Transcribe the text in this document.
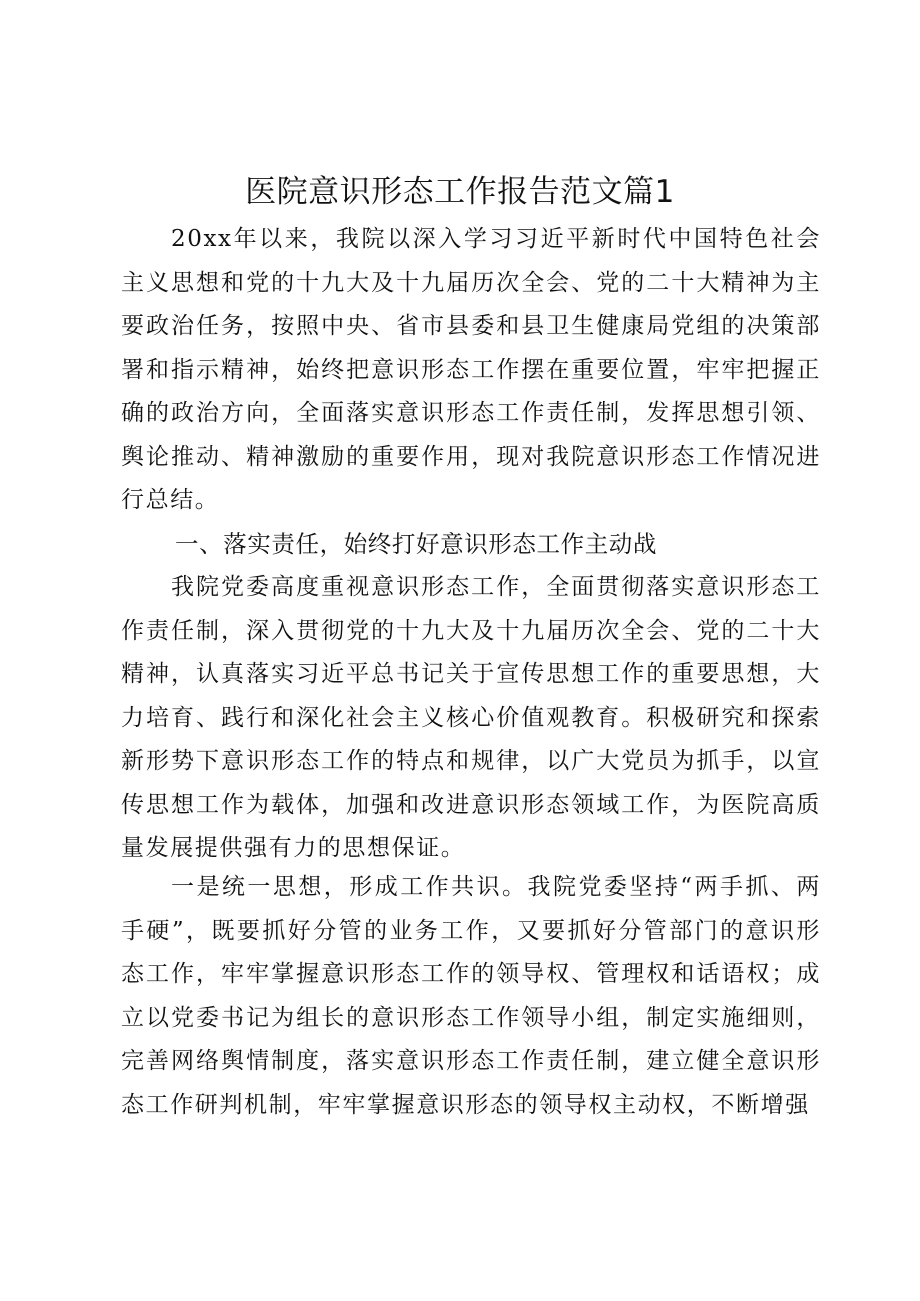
医院意识形态工作报告范文篇1

20xx年以来，我院以深入学习习近平新时代中国特色社会主义思想和党的十九大及十九届历次全会、党的二十大精神为主要政治任务，按照中央、省市县委和县卫生健康局党组的决策部署和指示精神，始终把意识形态工作摆在重要位置，牢牢把握正确的政治方向，全面落实意识形态工作责任制，发挥思想引领、舆论推动、精神激励的重要作用，现对我院意识形态工作情况进行总结。

一、落实责任，始终打好意识形态工作主动战

我院党委高度重视意识形态工作，全面贯彻落实意识形态工作责任制，深入贯彻党的十九大及十九届历次全会、党的二十大精神，认真落实习近平总书记关于宣传思想工作的重要思想，大力培育、践行和深化社会主义核心价值观教育。积极研究和探索新形势下意识形态工作的特点和规律，以广大党员为抓手，以宣传思想工作为载体，加强和改进意识形态领域工作，为医院高质量发展提供强有力的思想保证。

一是统一思想，形成工作共识。我院党委坚持“两手抓、两手硬”，既要抓好分管的业务工作，又要抓好分管部门的意识形态工作，牢牢掌握意识形态工作的领导权、管理权和话语权；成立以党委书记为组长的意识形态工作领导小组，制定实施细则，完善网络舆情制度，落实意识形态工作责任制，建立健全意识形态工作研判机制，牢牢掌握意识形态的领导权主动权，不断增强
